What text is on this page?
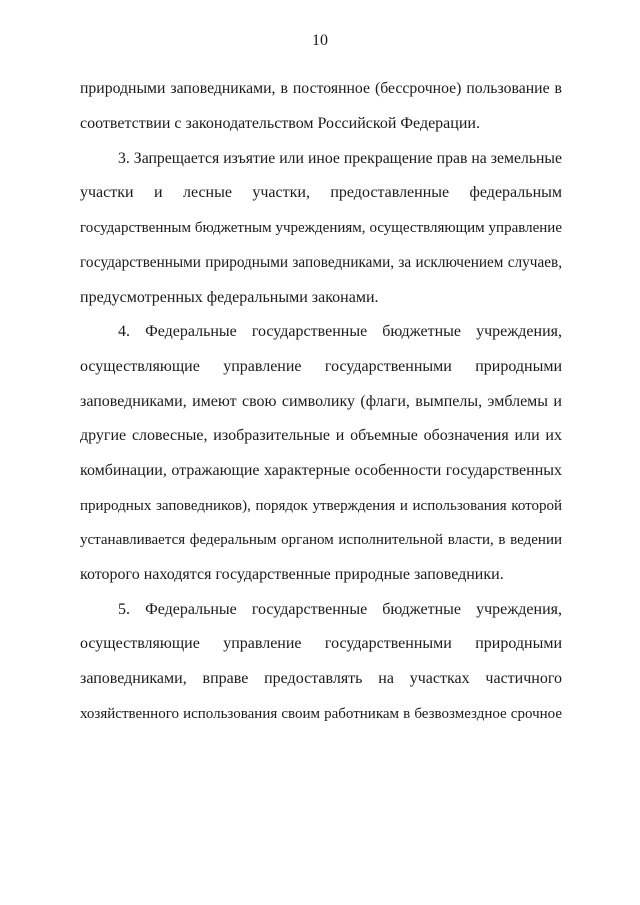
10
природными заповедниками, в постоянное (бессрочное) пользование в
соответствии с законодательством Российской Федерации.
3. Запрещается изъятие или иное прекращение прав на земельные
участки и лесные участки, предоставленные федеральным
государственным бюджетным учреждениям, осуществляющим управление
государственными природными заповедниками, за исключением случаев,
предусмотренных федеральными законами.
4. Федеральные государственные бюджетные учреждения,
осуществляющие управление государственными природными
заповедниками, имеют свою символику (флаги, вымпелы, эмблемы и
другие словесные, изобразительные и объемные обозначения или их
комбинации, отражающие характерные особенности государственных
природных заповедников), порядок утверждения и использования которой
устанавливается федеральным органом исполнительной власти, в ведении
которого находятся государственные природные заповедники.
5. Федеральные государственные бюджетные учреждения,
осуществляющие управление государственными природными
заповедниками, вправе предоставлять на участках частичного
хозяйственного использования своим работникам в безвозмездное срочное
